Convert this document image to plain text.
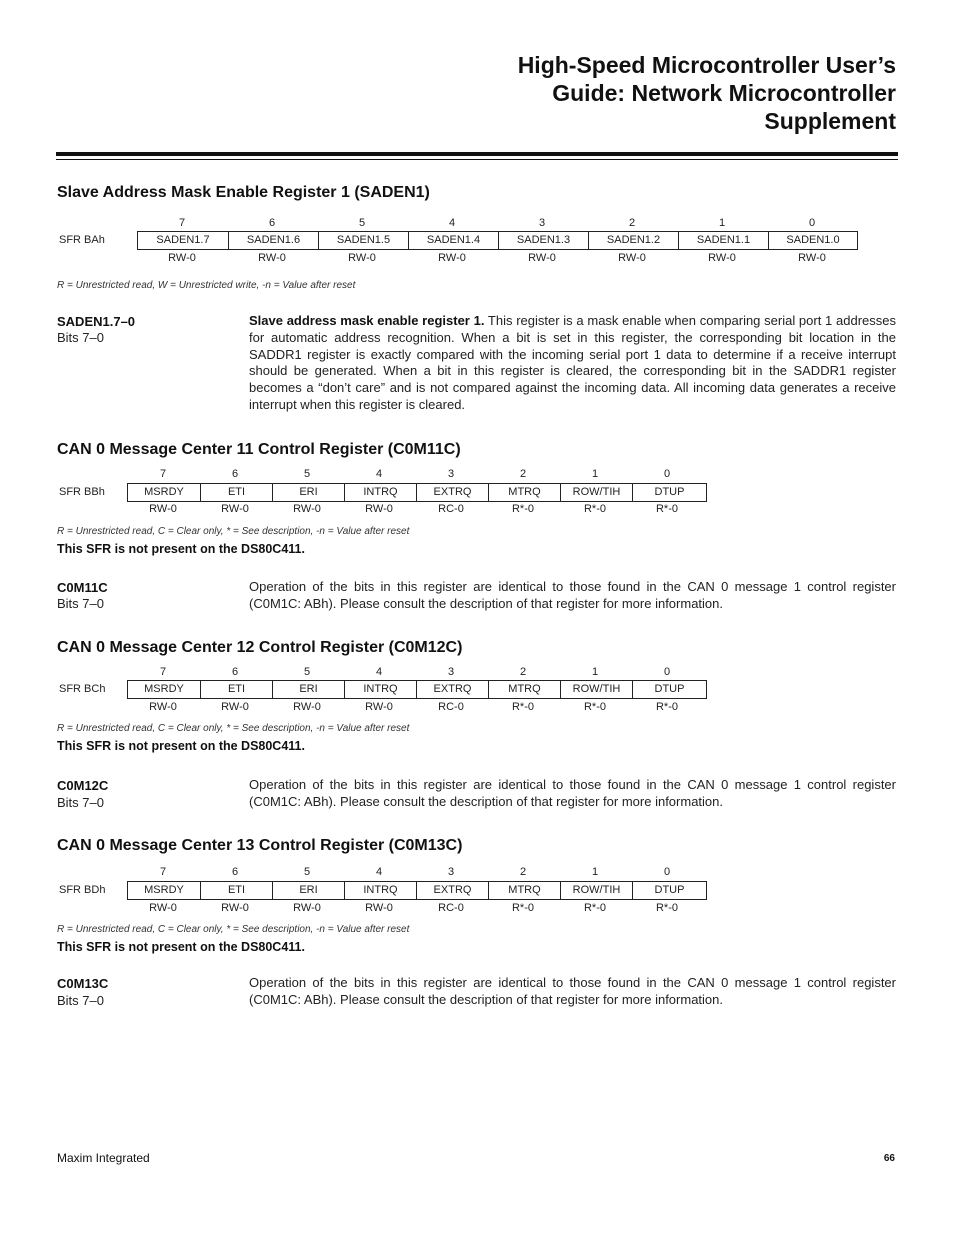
High-Speed Microcontroller User’s
Guide: Network Microcontroller
Supplement
Slave Address Mask Enable Register 1 (SADEN1)
7	6	5	4	3	2	1	0
SFR BAh	SADEN1.7	SADEN1.6	SADEN1.5	SADEN1.4	SADEN1.3	SADEN1.2	SADEN1.1	SADEN1.0
RW-0	RW-0	RW-0	RW-0	RW-0	RW-0	RW-0	RW-0
R = Unrestricted read, W = Unrestricted write, -n = Value after reset
SADEN1.7–0
Bits 7–0
Slave address mask enable register 1. This register is a mask enable when comparing serial port 1 addresses for automatic address recognition. When a bit is set in this register, the corresponding bit location in the SADDR1 register is exactly compared with the incoming serial port 1 data to determine if a receive interrupt should be generated. When a bit in this register is cleared, the corresponding bit in the SADDR1 register becomes a “don’t care” and is not compared against the incoming data. All incoming data generates a receive interrupt when this register is cleared.
CAN 0 Message Center 11 Control Register (C0M11C)
7	6	5	4	3	2	1	0
SFR BBh	MSRDY	ETI	ERI	INTRQ	EXTRQ	MTRQ	ROW/TIH	DTUP
RW-0	RW-0	RW-0	RW-0	RC-0	R*-0	R*-0	R*-0
R = Unrestricted read, C = Clear only, * = See description, -n = Value after reset
This SFR is not present on the DS80C411.
C0M11C
Bits 7–0
Operation of the bits in this register are identical to those found in the CAN 0 message 1 control register (C0M1C: ABh). Please consult the description of that register for more information.
CAN 0 Message Center 12 Control Register (C0M12C)
7	6	5	4	3	2	1	0
SFR BCh	MSRDY	ETI	ERI	INTRQ	EXTRQ	MTRQ	ROW/TIH	DTUP
RW-0	RW-0	RW-0	RW-0	RC-0	R*-0	R*-0	R*-0
R = Unrestricted read, C = Clear only, * = See description, -n = Value after reset
This SFR is not present on the DS80C411.
C0M12C
Bits 7–0
Operation of the bits in this register are identical to those found in the CAN 0 message 1 control register (C0M1C: ABh). Please consult the description of that register for more information.
CAN 0 Message Center 13 Control Register (C0M13C)
7	6	5	4	3	2	1	0
SFR BDh	MSRDY	ETI	ERI	INTRQ	EXTRQ	MTRQ	ROW/TIH	DTUP
RW-0	RW-0	RW-0	RW-0	RC-0	R*-0	R*-0	R*-0
R = Unrestricted read, C = Clear only, * = See description, -n = Value after reset
This SFR is not present on the DS80C411.
C0M13C
Bits 7–0
Operation of the bits in this register are identical to those found in the CAN 0 message 1 control register (C0M1C: ABh). Please consult the description of that register for more information.
Maxim Integrated	66
